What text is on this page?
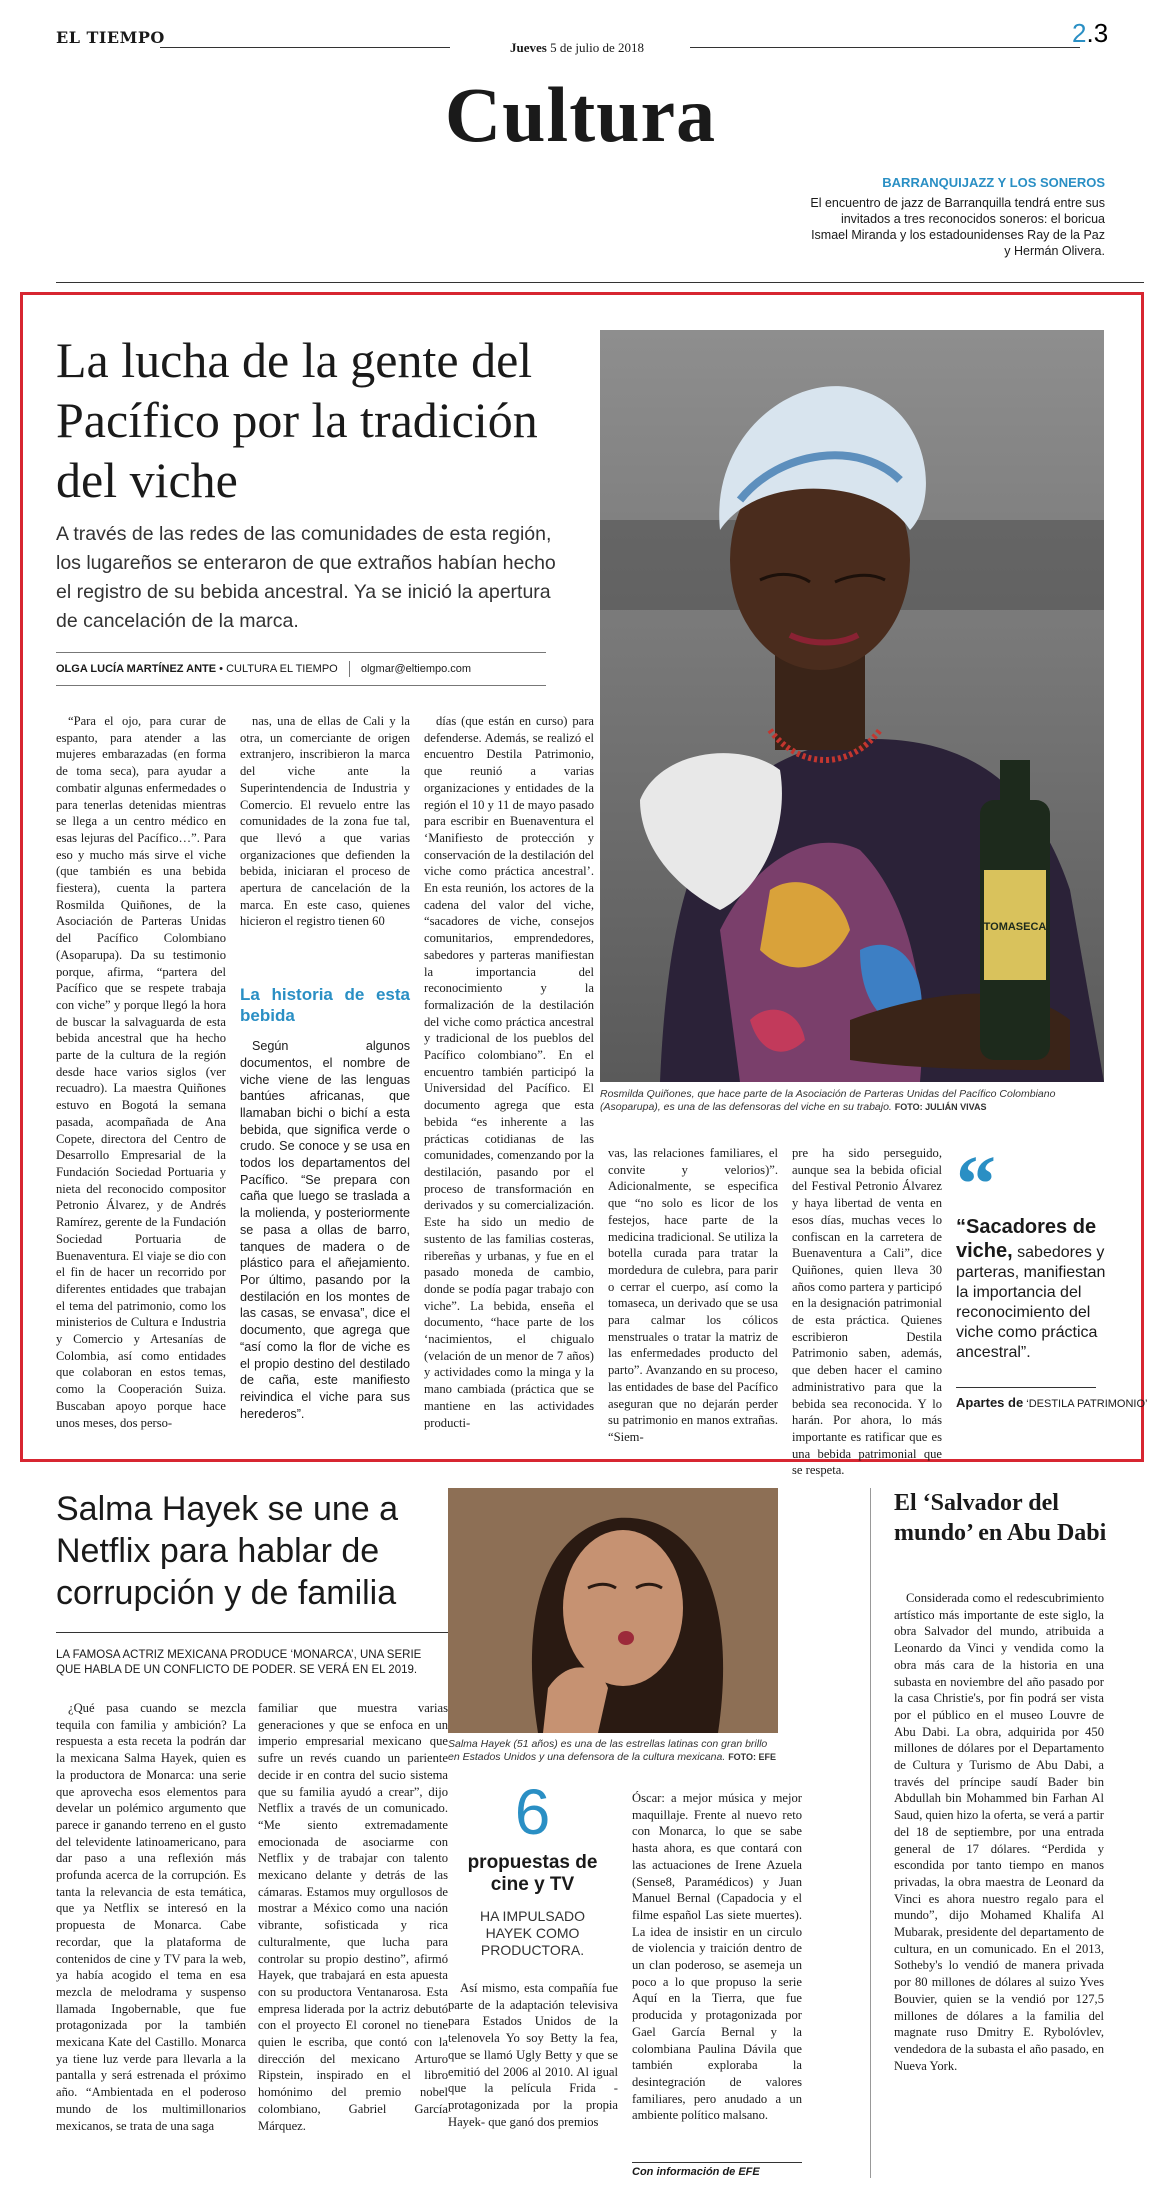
EL TIEMPO
Jueves 5 de julio de 2018	2.3
Cultura
BARRANQUIJAZZ Y LOS SONEROS
El encuentro de jazz de Barranquilla tendrá entre sus invitados a tres reconocidos soneros: el boricua Ismael Miranda y los estadounidenses Ray de la Paz y Hermán Olivera.
La lucha de la gente del Pacífico por la tradición del viche
A través de las redes de las comunidades de esta región, los lugareños se enteraron de que extraños habían hecho el registro de su bebida ancestral. Ya se inició la apertura de cancelación de la marca.
OLGA LUCÍA MARTÍNEZ ANTE • CULTURA EL TIEMPO olgmar@eltiempo.com

“Para el ojo, para curar de espanto, para atender a las mujeres embarazadas (en forma de toma seca), para ayudar a combatir algunas enfermedades o para tenerlas detenidas mientras se llega a un centro médico en esas lejuras del Pacífico…”. Para eso y mucho más sirve el viche (que también es una bebida fiestera), cuenta la partera Rosmilda Quiñones, de la Asociación de Parteras Unidas del Pacífico Colombiano (Asoparupa). Da su testimonio porque, afirma, “partera del Pacífico que se respete trabaja con viche” y porque llegó la hora de buscar la salvaguarda de esta bebida ancestral que ha hecho parte de la cultura de la región desde hace varios siglos (ver recuadro). La maestra Quiñones estuvo en Bogotá la semana pasada, acompañada de Ana Copete, directora del Centro de Desarrollo Empresarial de la Fundación Sociedad Portuaria y nieta del reconocido compositor Petronio Álvarez, y de Andrés Ramírez, gerente de la Fundación Sociedad Portuaria de Buenaventura. El viaje se dio con el fin de hacer un recorrido por diferentes entidades que trabajan el tema del patrimonio, como los ministerios de Cultura e Industria y Comercio y Artesanías de Colombia, así como entidades que colaboran en estos temas, como la Cooperación Suiza. Buscaban apoyo porque hace unos meses, dos perso-

nas, una de ellas de Cali y la otra, un comerciante de origen extranjero, inscribieron la marca del viche ante la Superintendencia de Industria y Comercio. El revuelo entre las comunidades de la zona fue tal, que llevó a que varias organizaciones que defienden la bebida, iniciaran el proceso de apertura de cancelación de la marca. En este caso, quienes hicieron el registro tienen 60

La historia de esta bebida

Según algunos documentos, el nombre de viche viene de las lenguas bantúes africanas, que llamaban bichi o bichí a esta bebida, que significa verde o crudo. Se conoce y se usa en todos los departamentos del Pacífico. “Se prepara con caña que luego se traslada a la molienda, y posteriormente se pasa a ollas de barro, tanques de madera o de plástico para el añejamiento. Por último, pasando por la destilación en los montes de las casas, se envasa”, dice el documento, que agrega que “así como la flor de viche es el propio destino del destilado de caña, este manifiesto reivindica el viche para sus herederos”.

días (que están en curso) para defenderse. Además, se realizó el encuentro Destila Patrimonio, que reunió a varias organizaciones y entidades de la región el 10 y 11 de mayo pasado para escribir en Buenaventura el ‘Manifiesto de protección y conservación de la destilación del viche como práctica ancestral’. En esta reunión, los actores de la cadena del valor del viche, “sacadores de viche, consejos comunitarios, emprendedores, sabedores y parteras manifiestan la importancia del reconocimiento y la formalización de la destilación del viche como práctica ancestral y tradicional de los pueblos del Pacífico colombiano”. En el encuentro también participó la Universidad del Pacífico. El documento agrega que esta bebida “es inherente a las prácticas cotidianas de las comunidades, comenzando por la destilación, pasando por el proceso de transformación en derivados y su comercialización. Este ha sido un medio de sustento de las familias costeras, ribereñas y urbanas, y fue en el pasado moneda de cambio, donde se podía pagar trabajo con viche”. La bebida, enseña el documento, “hace parte de los ‘nacimientos, el chigualo (velación de un menor de 7 años) y actividades como la minga y la mano cambiada (práctica que se mantiene en las actividades producti-

TOMASECA
Rosmilda Quiñones, que hace parte de la Asociación de Parteras Unidas del Pacífico Colombiano (Asoparupa), es una de las defensoras del viche en su trabajo. FOTO: JULIÁN VIVAS

vas, las relaciones familiares, el convite y velorios)”. Adicionalmente, se especifica que “no solo es licor de los festejos, hace parte de la medicina tradicional. Se utiliza la botella curada para tratar la mordedura de culebra, para parir o cerrar el cuerpo, así como la tomaseca, un derivado que se usa para calmar los cólicos menstruales o tratar la matriz de las enfermedades producto del parto”. Avanzando en su proceso, las entidades de base del Pacífico aseguran que no dejarán perder su patrimonio en manos extrañas. “Siem-

pre ha sido perseguido, aunque sea la bebida oficial del Festival Petronio Álvarez y haya libertad de venta en esos días, muchas veces lo confiscan en la carretera de Buenaventura a Cali”, dice Quiñones, quien lleva 30 años como partera y participó en la designación patrimonial de esta práctica. Quienes escribieron Destila Patrimonio saben, además, que deben hacer el camino administrativo para que la bebida sea reconocida. Y lo harán. Por ahora, lo más importante es ratificar que es una bebida patrimonial que se respeta.

“
“Sacadores de viche, sabedores y parteras, manifiestan la importancia del reconocimiento del viche como práctica ancestral”.
Apartes de ‘DESTILA PATRIMONIO’
Salma Hayek se une a Netflix para hablar de corrupción y de familia
LA FAMOSA ACTRIZ MEXICANA PRODUCE ‘MONARCA’, UNA SERIE QUE HABLA DE UN CONFLICTO DE PODER. SE VERÁ EN EL 2019.

¿Qué pasa cuando se mezcla tequila con familia y ambición? La respuesta a esta receta la podrán dar la mexicana Salma Hayek, quien es la productora de Monarca: una serie que aprovecha esos elementos para develar un polémico argumento que parece ir ganando terreno en el gusto del televidente latinoamericano, para dar paso a una reflexión más profunda acerca de la corrupción. Es tanta la relevancia de esta temática, que ya Netflix se interesó en la propuesta de Monarca. Cabe recordar, que la plataforma de contenidos de cine y TV para la web, ya había acogido el tema en esa mezcla de melodrama y suspenso llamada Ingobernable, que fue protagonizada por la también mexicana Kate del Castillo. Monarca ya tiene luz verde para llevarla a la pantalla y será estrenada el próximo año. “Ambientada en el poderoso mundo de los multimillonarios mexicanos, se trata de una saga

familiar que muestra varias generaciones y que se enfoca en un imperio empresarial mexicano que sufre un revés cuando un pariente decide ir en contra del sucio sistema que su familia ayudó a crear”, dijo Netflix a través de un comunicado. “Me siento extremadamente emocionada de asociarme con Netflix y de trabajar con talento mexicano delante y detrás de las cámaras. Estamos muy orgullosos de mostrar a México como una nación vibrante, sofisticada y rica culturalmente, que lucha para controlar su propio destino”, afirmó Hayek, que trabajará en esta apuesta con su productora Ventanarosa. Esta empresa liderada por la actriz debutó con el proyecto El coronel no tiene quien le escriba, que contó con la dirección del mexicano Arturo Ripstein, inspirado en el libro homónimo del premio nobel colombiano, Gabriel García Márquez.

Salma Hayek (51 años) es una de las estrellas latinas con gran brillo en Estados Unidos y una defensora de la cultura mexicana. FOTO: EFE
6
propuestas de cine y TV
HA IMPULSADO HAYEK COMO PRODUCTORA.

Así mismo, esta compañía fue parte de la adaptación televisiva para Estados Unidos de la telenovela Yo soy Betty la fea, que se llamó Ugly Betty y que se emitió del 2006 al 2010. Al igual que la película Frida -protagonizada por la propia Hayek- que ganó dos premios

Óscar: a mejor música y mejor maquillaje. Frente al nuevo reto con Monarca, lo que se sabe hasta ahora, es que contará con las actuaciones de Irene Azuela (Sense8, Paramédicos) y Juan Manuel Bernal (Capadocia y el filme español Las siete muertes). La idea de insistir en un circulo de violencia y traición dentro de un clan poderoso, se asemeja un poco a lo que propuso la serie Aquí en la Tierra, que fue producida y protagonizada por Gael García Bernal y la colombiana Paulina Dávila que también exploraba la desintegración de valores familiares, pero anudado a un ambiente político malsano.

Con información de EFE
El ‘Salvador del mundo’ en Abu Dabi

Considerada como el redescubrimiento artístico más importante de este siglo, la obra Salvador del mundo, atribuida a Leonardo da Vinci y vendida como la obra más cara de la historia en una subasta en noviembre del año pasado por la casa Christie's, por fin podrá ser vista por el público en el museo Louvre de Abu Dabi. La obra, adquirida por 450 millones de dólares por el Departamento de Cultura y Turismo de Abu Dabi, a través del príncipe saudí Bader bin Abdullah bin Mohammed bin Farhan Al Saud, quien hizo la oferta, se verá a partir del 18 de septiembre, por una entrada general de 17 dólares. “Perdida y escondida por tanto tiempo en manos privadas, la obra maestra de Leonard da Vinci es ahora nuestro regalo para el mundo”, dijo Mohamed Khalifa Al Mubarak, presidente del departamento de cultura, en un comunicado. En el 2013, Sotheby's lo vendió de manera privada por 80 millones de dólares al suizo Yves Bouvier, quien se la vendió por 127,5 millones de dólares a la familia del magnate ruso Dmitry E. Rybolóvlev, vendedora de la subasta el año pasado, en Nueva York.
